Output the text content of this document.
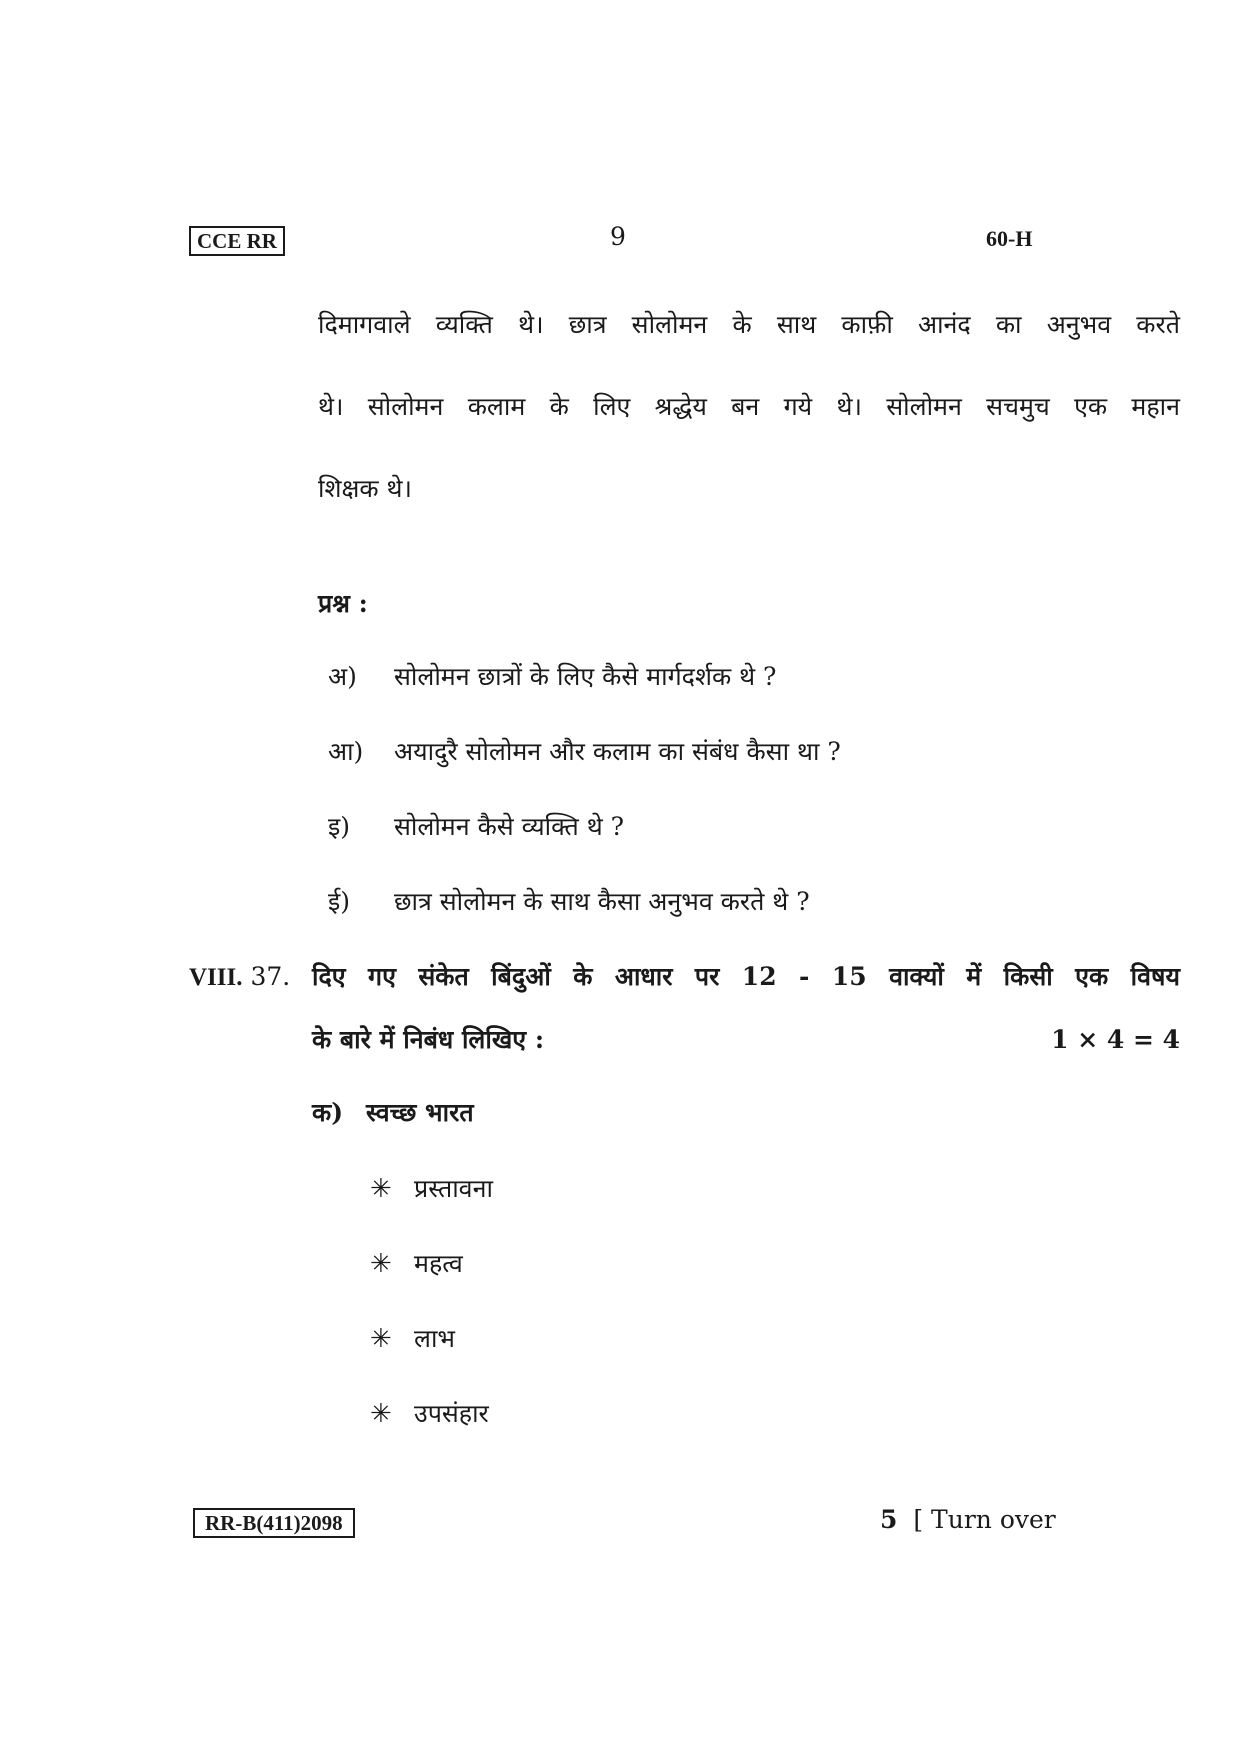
CCE RR	9	60-H
दिमागवाले व्यक्ति थे। छात्र सोलोमन के साथ काफ़ी आनंद का अनुभव करते
थे। सोलोमन कलाम के लिए श्रद्धेय बन गये थे। सोलोमन सचमुच एक महान
शिक्षक थे।
प्रश्न :
अ) सोलोमन छात्रों के लिए कैसे मार्गदर्शक थे ?
आ) अयादुरै सोलोमन और कलाम का संबंध कैसा था ?
इ) सोलोमन कैसे व्यक्ति थे ?
ई) छात्र सोलोमन के साथ कैसा अनुभव करते थे ?
VIII. 37. दिए गए संकेत बिंदुओं के आधार पर 12 - 15 वाक्यों में किसी एक विषय
के बारे में निबंध लिखिए :	1 × 4 = 4
क) स्वच्छ भारत
✳ प्रस्तावना
✳ महत्व
✳ लाभ
✳ उपसंहार
RR-B(411)2098	5 [ Turn over
